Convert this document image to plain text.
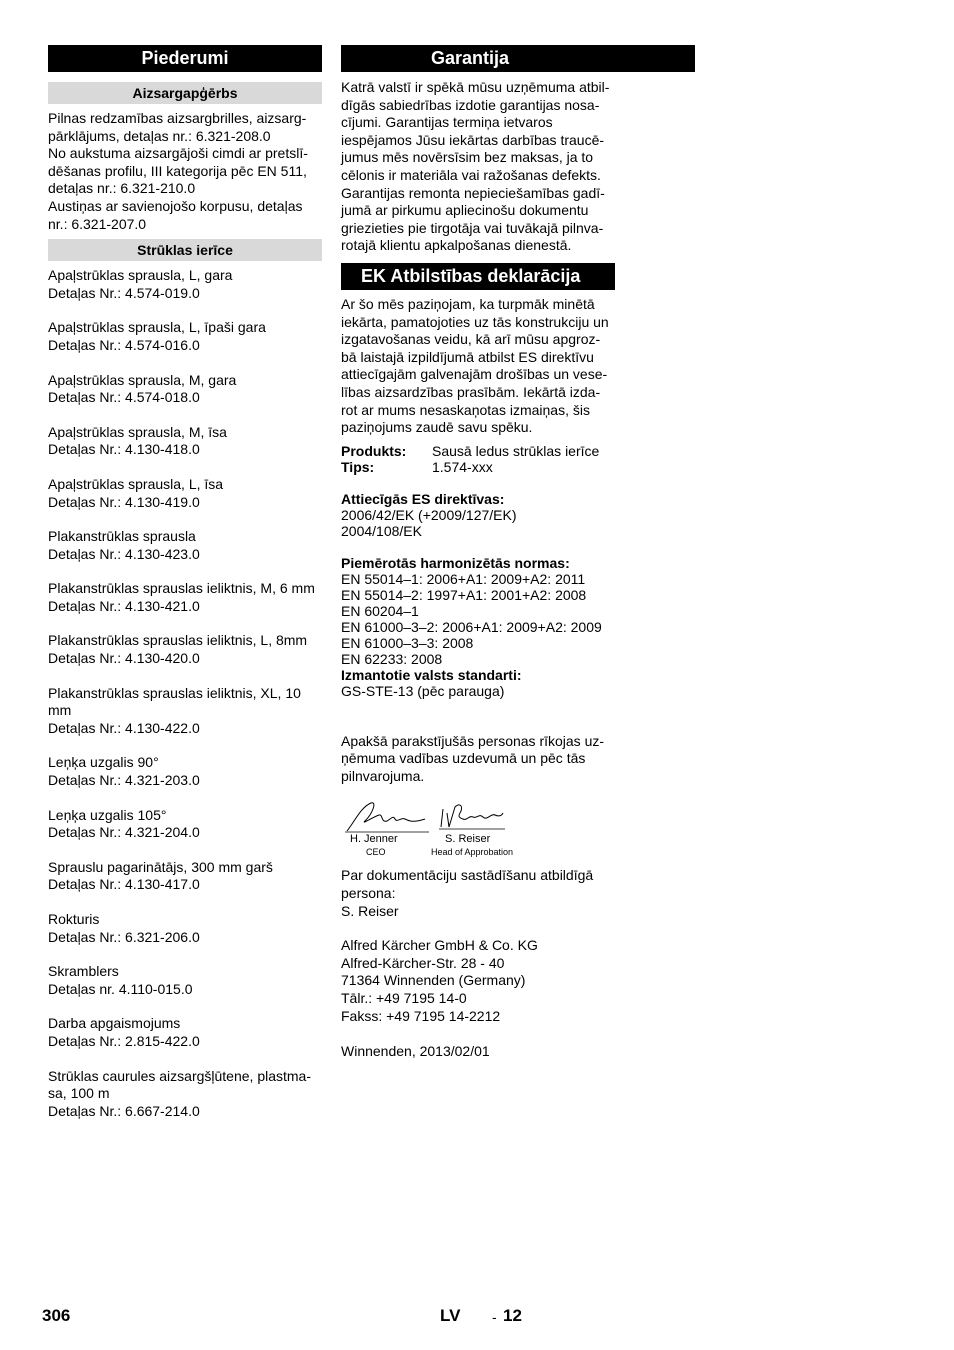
Piederumi
Aizsargapģērbs

Pilnas redzamības aizsargbrilles, aizsarg-

pārklājums, detaļas nr.: 6.321-208.0

No aukstuma aizsargājoši cimdi ar pretslī-

dēšanas profilu, III kategorija pēc EN 511,

detaļas nr.: 6.321-210.0

Austiņas ar savienojošo korpusu, detaļas

nr.: 6.321-207.0

Strūklas ierīce

Apaļstrūklas sprausla, L, gara

Detaļas Nr.: 4.574-019.0

Apaļstrūklas sprausla, L, īpaši gara

Detaļas Nr.: 4.574-016.0

Apaļstrūklas sprausla, M, gara

Detaļas Nr.: 4.574-018.0

Apaļstrūklas sprausla, M, īsa

Detaļas Nr.: 4.130-418.0

Apaļstrūklas sprausla, L, īsa

Detaļas Nr.: 4.130-419.0

Plakanstrūklas sprausla

Detaļas Nr.: 4.130-423.0

Plakanstrūklas sprauslas ieliktnis, M, 6 mm

Detaļas Nr.: 4.130-421.0

Plakanstrūklas sprauslas ieliktnis, L, 8mm

Detaļas Nr.: 4.130-420.0

Plakanstrūklas sprauslas ieliktnis, XL, 10

mm

Detaļas Nr.: 4.130-422.0

Leņķa uzgalis 90°

Detaļas Nr.: 4.321-203.0

Leņķa uzgalis 105°

Detaļas Nr.: 4.321-204.0

Sprauslu pagarinātājs, 300 mm garš

Detaļas Nr.: 4.130-417.0

Rokturis

Detaļas Nr.: 6.321-206.0

Skramblers

Detaļas nr. 4.110-015.0

Darba apgaismojums

Detaļas Nr.: 2.815-422.0

Strūklas caurules aizsargšļūtene, plastma-

sa, 100 m

Detaļas Nr.: 6.667-214.0

Garantija

Katrā valstī ir spēkā mūsu uzņēmuma atbil-

dīgās sabiedrības izdotie garantijas nosa-

cījumi. Garantijas termiņa ietvaros

iespējamos Jūsu iekārtas darbības traucē-

jumus mēs novērsīsim bez maksas, ja to

cēlonis ir materiāla vai ražošanas defekts.

Garantijas remonta nepieciešamības gadī-

jumā ar pirkumu apliecinošu dokumentu

griezieties pie tirgotāja vai tuvākajā pilnva-

rotajā klientu apkalpošanas dienestā.

EK Atbilstības deklarācija

Ar šo mēs paziņojam, ka turpmāk minētā

iekārta, pamatojoties uz tās konstrukciju un

izgatavošanas veidu, kā arī mūsu apgroz-

bā laistajā izpildījumā atbilst ES direktīvu

attiecīgajām galvenajām drošības un vese-

lības aizsardzības prasībām. Iekārtā izda-

rot ar mums nesaskaņotas izmaiņas, šis

paziņojums zaudē savu spēku.

Produkts:	Sausā ledus strūklas ierīce
Tips:	1.574-xxx

Attiecīgās ES direktīvas:

2006/42/EK (+2009/127/EK)

2004/108/EK

Piemērotās harmonizētās normas:

EN 55014–1: 2006+A1: 2009+A2: 2011

EN 55014–2: 1997+A1: 2001+A2: 2008

EN 60204–1

EN 61000–3–2: 2006+A1: 2009+A2: 2009

EN 61000–3–3: 2008

EN 62233: 2008

Izmantotie valsts standarti:

GS-STE-13 (pēc parauga)

Apakšā parakstījušās personas rīkojas uz-

ņēmuma vadības uzdevumā un pēc tās

pilnvarojuma.

H. Jenner
CEO
S. Reiser
Head of Approbation

Par dokumentāciju sastādīšanu atbildīgā

persona:

S. Reiser

Alfred Kärcher GmbH & Co. KG

Alfred-Kärcher-Str. 28 - 40

71364 Winnenden (Germany)

Tālr.: +49 7195 14-0

Fakss: +49 7195 14-2212

Winnenden, 2013/02/01
306	LV - 12
